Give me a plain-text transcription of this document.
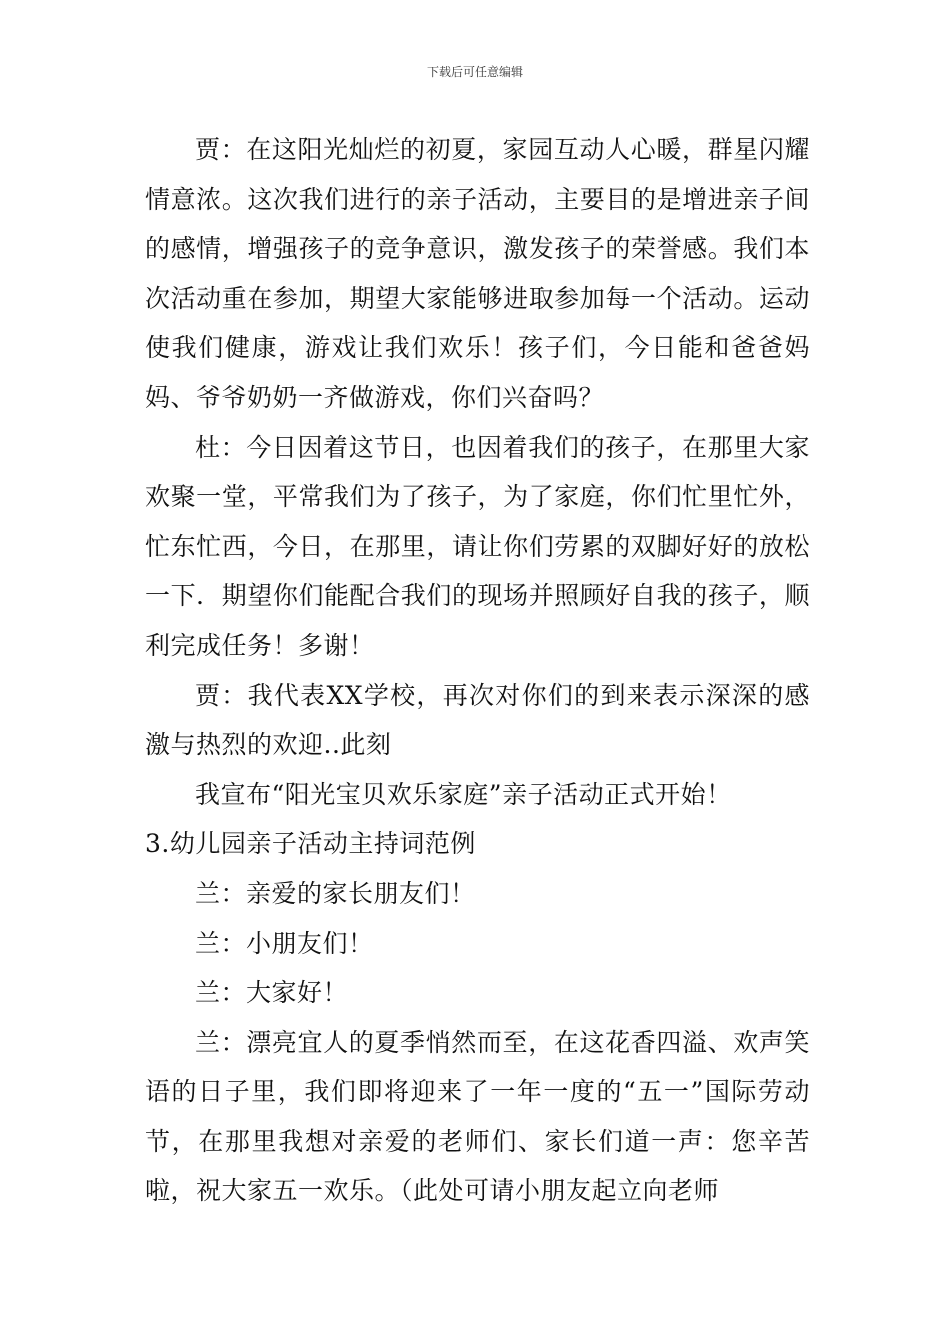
下载后可任意编辑

贾：在这阳光灿烂的初夏，家园互动人心暖，群星闪耀情意浓。这次我们进行的亲子活动，主要目的是增进亲子间的感情，增强孩子的竞争意识，激发孩子的荣誉感。我们本次活动重在参加，期望大家能够进取参加每一个活动。运动使我们健康，游戏让我们欢乐！孩子们，今日能和爸爸妈妈、爷爷奶奶一齐做游戏，你们兴奋吗？

杜：今日因着这节日，也因着我们的孩子，在那里大家欢聚一堂，平常我们为了孩子，为了家庭，你们忙里忙外，忙东忙西，今日，在那里，请让你们劳累的双脚好好的放松一下．期望你们能配合我们的现场并照顾好自我的孩子，顺利完成任务！多谢！

贾：我代表XX学校，再次对你们的到来表示深深的感激与热烈的欢迎..此刻

我宣布“阳光宝贝欢乐家庭”亲子活动正式开始！

3.幼儿园亲子活动主持词范例

兰：亲爱的家长朋友们！

兰：小朋友们！

兰：大家好！

兰：漂亮宜人的夏季悄然而至，在这花香四溢、欢声笑语的日子里，我们即将迎来了一年一度的“五一”国际劳动节，在那里我想对亲爱的老师们、家长们道一声：您辛苦啦，祝大家五一欢乐。（此处可请小朋友起立向老师
